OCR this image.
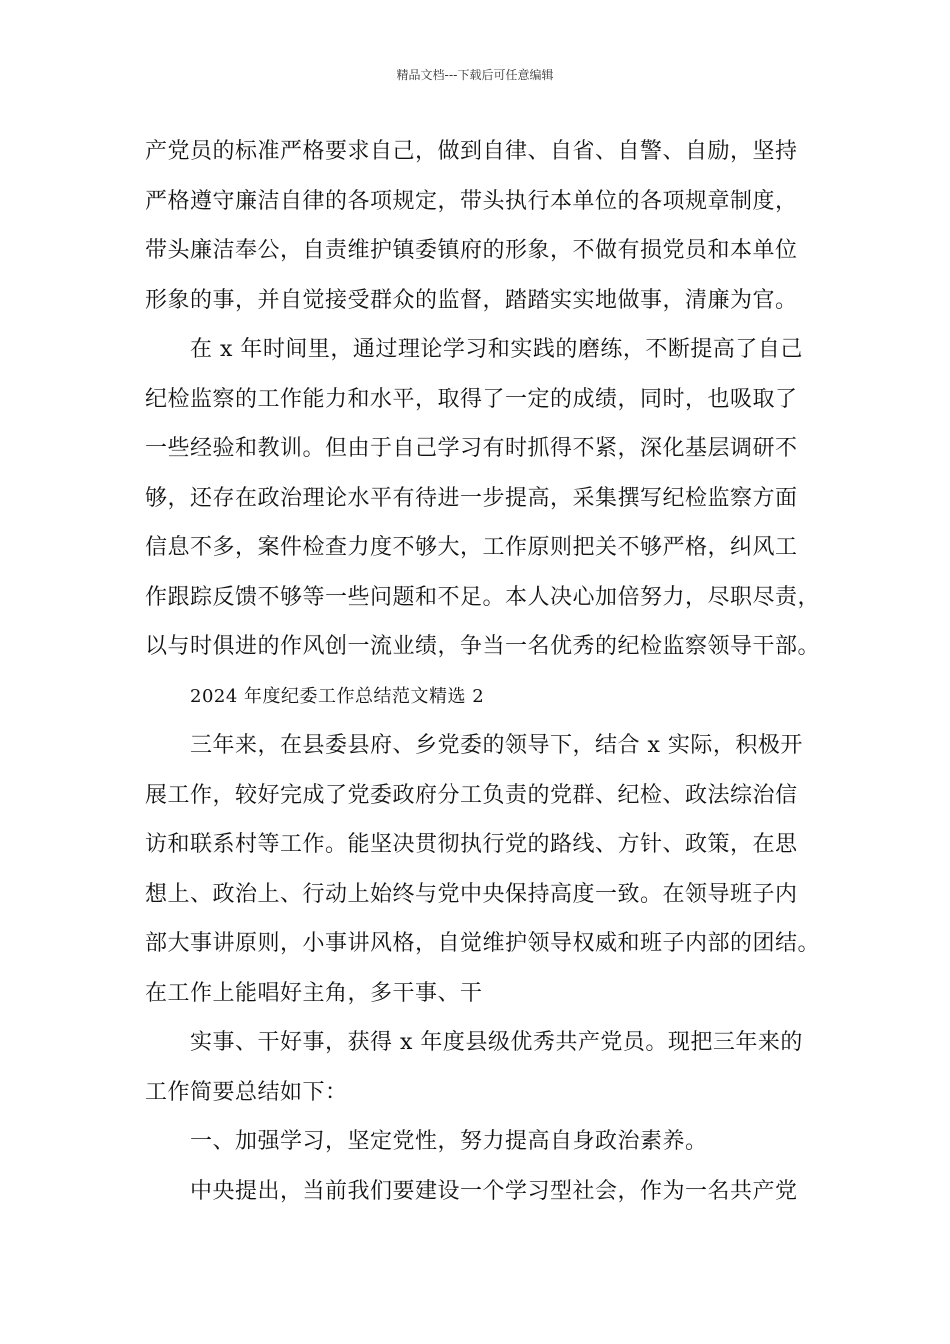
精品文档---下载后可任意编辑
产党员的标准严格要求自己，做到自律、自省、自警、自励，坚持
严格遵守廉洁自律的各项规定，带头执行本单位的各项规章制度，
带头廉洁奉公，自责维护镇委镇府的形象，不做有损党员和本单位
形象的事，并自觉接受群众的监督，踏踏实实地做事，清廉为官。
在 x 年时间里，通过理论学习和实践的磨练，不断提高了自己
纪检监察的工作能力和水平，取得了一定的成绩，同时，也吸取了
一些经验和教训。但由于自己学习有时抓得不紧，深化基层调研不
够，还存在政治理论水平有待进一步提高，采集撰写纪检监察方面
信息不多，案件检查力度不够大，工作原则把关不够严格，纠风工
作跟踪反馈不够等一些问题和不足。本人决心加倍努力，尽职尽责，
以与时俱进的作风创一流业绩，争当一名优秀的纪检监察领导干部。
2024 年度纪委工作总结范文精选 2
三年来，在县委县府、乡党委的领导下，结合 x 实际，积极开
展工作，较好完成了党委政府分工负责的党群、纪检、政法综治信
访和联系村等工作。能坚决贯彻执行党的路线、方针、政策，在思
想上、政治上、行动上始终与党中央保持高度一致。在领导班子内
部大事讲原则，小事讲风格，自觉维护领导权威和班子内部的团结。
在工作上能唱好主角，多干事、干
实事、干好事，获得 x 年度县级优秀共产党员。现把三年来的
工作简要总结如下：
一、加强学习，坚定党性，努力提高自身政治素养。
中央提出，当前我们要建设一个学习型社会，作为一名共产党
